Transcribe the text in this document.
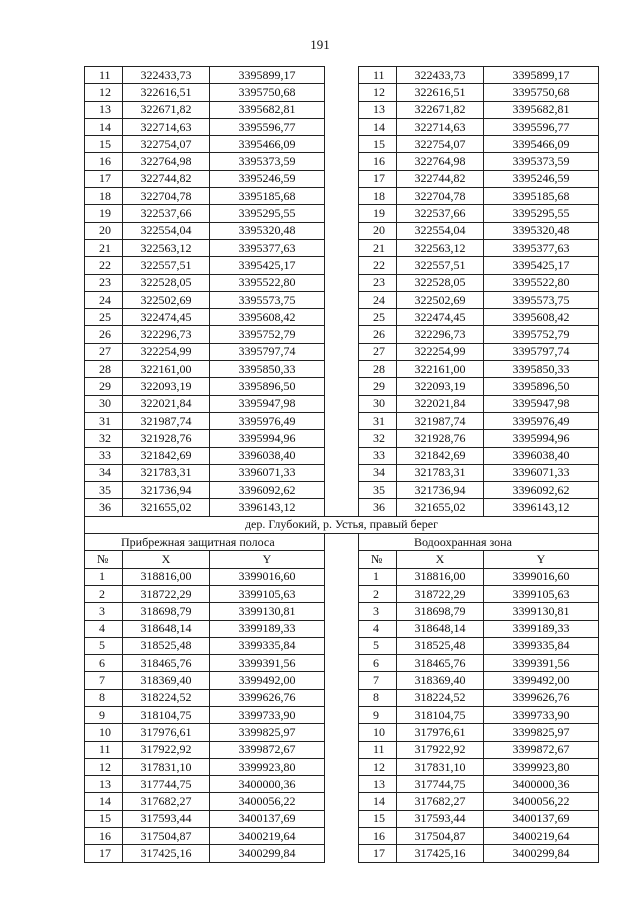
191
11	322433,73	3395899,17		11	322433,73	3395899,17
12	322616,51	3395750,68		12	322616,51	3395750,68
13	322671,82	3395682,81		13	322671,82	3395682,81
14	322714,63	3395596,77		14	322714,63	3395596,77
15	322754,07	3395466,09		15	322754,07	3395466,09
16	322764,98	3395373,59		16	322764,98	3395373,59
17	322744,82	3395246,59		17	322744,82	3395246,59
18	322704,78	3395185,68		18	322704,78	3395185,68
19	322537,66	3395295,55		19	322537,66	3395295,55
20	322554,04	3395320,48		20	322554,04	3395320,48
21	322563,12	3395377,63		21	322563,12	3395377,63
22	322557,51	3395425,17		22	322557,51	3395425,17
23	322528,05	3395522,80		23	322528,05	3395522,80
24	322502,69	3395573,75		24	322502,69	3395573,75
25	322474,45	3395608,42		25	322474,45	3395608,42
26	322296,73	3395752,79		26	322296,73	3395752,79
27	322254,99	3395797,74		27	322254,99	3395797,74
28	322161,00	3395850,33		28	322161,00	3395850,33
29	322093,19	3395896,50		29	322093,19	3395896,50
30	322021,84	3395947,98		30	322021,84	3395947,98
31	321987,74	3395976,49		31	321987,74	3395976,49
32	321928,76	3395994,96		32	321928,76	3395994,96
33	321842,69	3396038,40		33	321842,69	3396038,40
34	321783,31	3396071,33		34	321783,31	3396071,33
35	321736,94	3396092,62		35	321736,94	3396092,62
36	321655,02	3396143,12		36	321655,02	3396143,12
дер. Глубокий, р. Устья, правый берег						
Прибрежная защитная полоса				Водоохранная зона		
№	X	Y		№	X	Y
1	318816,00	3399016,60		1	318816,00	3399016,60
2	318722,29	3399105,63		2	318722,29	3399105,63
3	318698,79	3399130,81		3	318698,79	3399130,81
4	318648,14	3399189,33		4	318648,14	3399189,33
5	318525,48	3399335,84		5	318525,48	3399335,84
6	318465,76	3399391,56		6	318465,76	3399391,56
7	318369,40	3399492,00		7	318369,40	3399492,00
8	318224,52	3399626,76		8	318224,52	3399626,76
9	318104,75	3399733,90		9	318104,75	3399733,90
10	317976,61	3399825,97		10	317976,61	3399825,97
11	317922,92	3399872,67		11	317922,92	3399872,67
12	317831,10	3399923,80		12	317831,10	3399923,80
13	317744,75	3400000,36		13	317744,75	3400000,36
14	317682,27	3400056,22		14	317682,27	3400056,22
15	317593,44	3400137,69		15	317593,44	3400137,69
16	317504,87	3400219,64		16	317504,87	3400219,64
17	317425,16	3400299,84		17	317425,16	3400299,84
